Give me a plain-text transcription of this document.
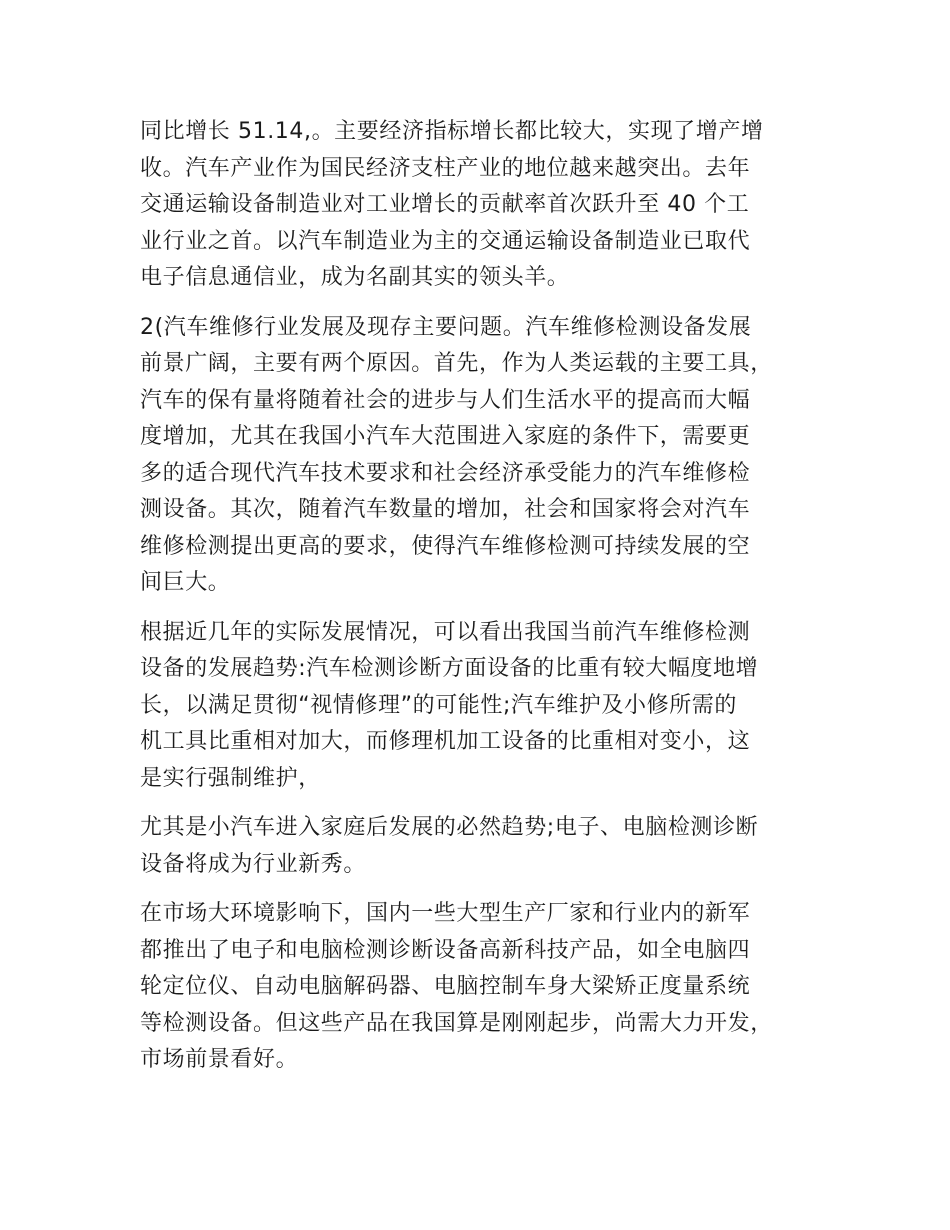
同比增长 51.14,。主要经济指标增长都比较大，实现了增产增
收。汽车产业作为国民经济支柱产业的地位越来越突出。去年
交通运输设备制造业对工业增长的贡献率首次跃升至 40 个工
业行业之首。以汽车制造业为主的交通运输设备制造业已取代
电子信息通信业，成为名副其实的领头羊。

2(汽车维修行业发展及现存主要问题。汽车维修检测设备发展
前景广阔，主要有两个原因。首先，作为人类运载的主要工具，
汽车的保有量将随着社会的进步与人们生活水平的提高而大幅
度增加，尤其在我国小汽车大范围进入家庭的条件下，需要更
多的适合现代汽车技术要求和社会经济承受能力的汽车维修检
测设备。其次，随着汽车数量的增加，社会和国家将会对汽车
维修检测提出更高的要求，使得汽车维修检测可持续发展的空
间巨大。

根据近几年的实际发展情况，可以看出我国当前汽车维修检测
设备的发展趋势:汽车检测诊断方面设备的比重有较大幅度地增
长，以满足贯彻“视情修理”的可能性;汽车维护及小修所需的
机工具比重相对加大，而修理机加工设备的比重相对变小，这
是实行强制维护，

尤其是小汽车进入家庭后发展的必然趋势;电子、电脑检测诊断
设备将成为行业新秀。

在市场大环境影响下，国内一些大型生产厂家和行业内的新军
都推出了电子和电脑检测诊断设备高新科技产品，如全电脑四
轮定位仪、自动电脑解码器、电脑控制车身大梁矫正度量系统
等检测设备。但这些产品在我国算是刚刚起步，尚需大力开发，
市场前景看好。
